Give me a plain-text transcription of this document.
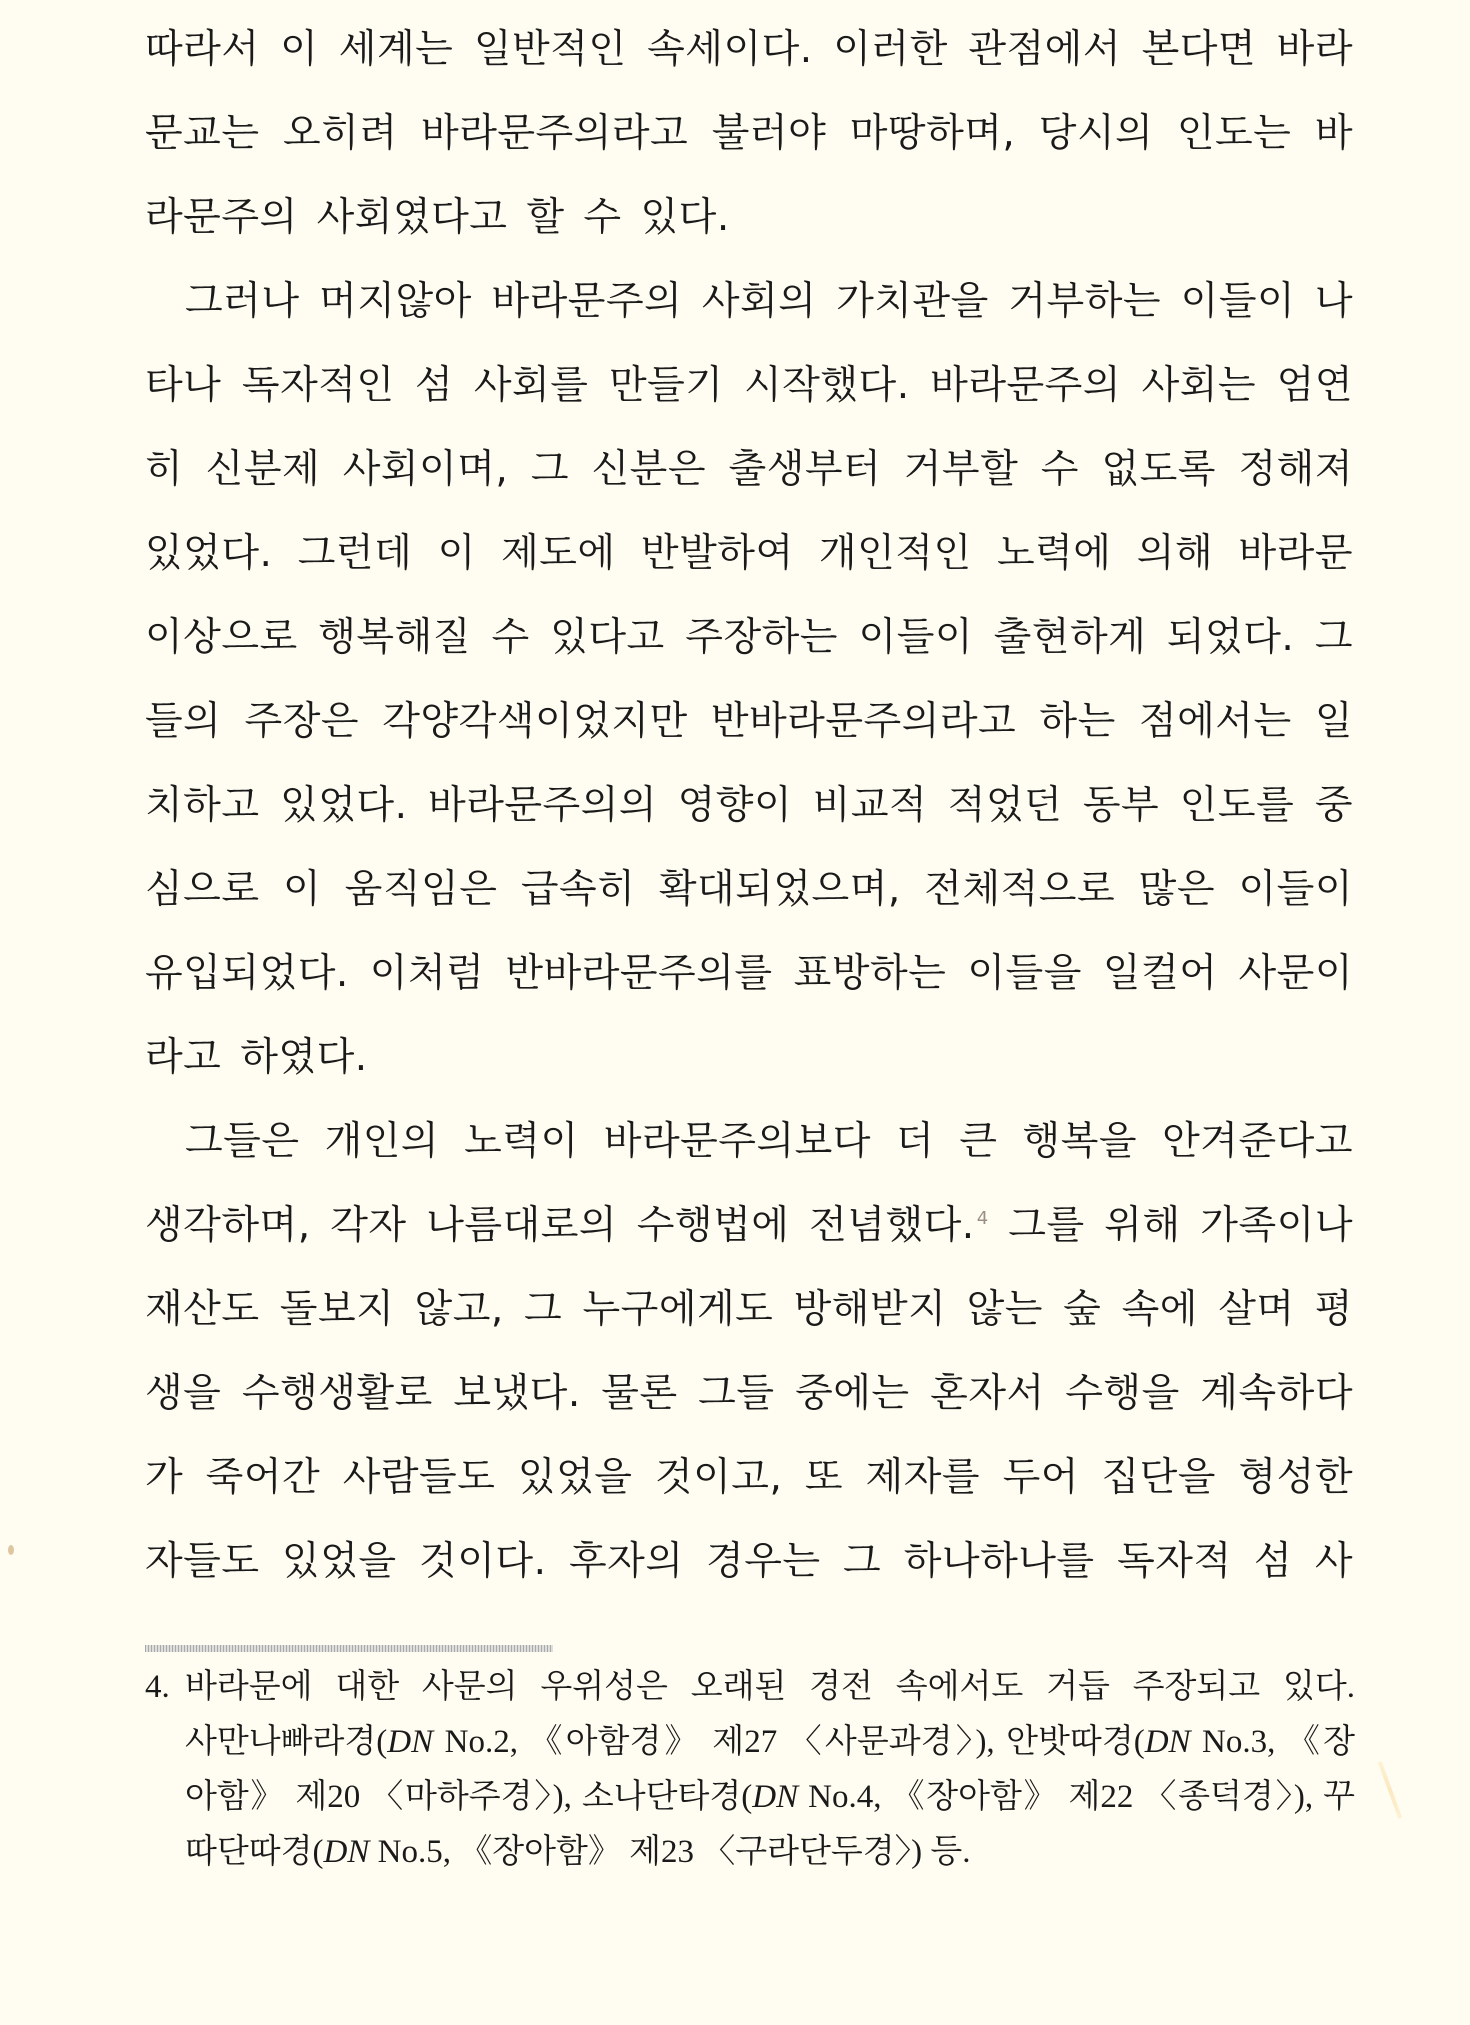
따라서 이 세계는 일반적인 속세이다. 이러한 관점에서 본다면 바라
문교는 오히려 바라문주의라고 불러야 마땅하며, 당시의 인도는 바
라문주의 사회였다고 할 수 있다.
그러나 머지않아 바라문주의 사회의 가치관을 거부하는 이들이 나
타나 독자적인 섬 사회를 만들기 시작했다. 바라문주의 사회는 엄연
히 신분제 사회이며, 그 신분은 출생부터 거부할 수 없도록 정해져
있었다. 그런데 이 제도에 반발하여 개인적인 노력에 의해 바라문
이상으로 행복해질 수 있다고 주장하는 이들이 출현하게 되었다. 그
들의 주장은 각양각색이었지만 반바라문주의라고 하는 점에서는 일
치하고 있었다. 바라문주의의 영향이 비교적 적었던 동부 인도를 중
심으로 이 움직임은 급속히 확대되었으며, 전체적으로 많은 이들이
유입되었다. 이처럼 반바라문주의를 표방하는 이들을 일컬어 사문이
라고 하였다.
그들은 개인의 노력이 바라문주의보다 더 큰 행복을 안겨준다고
생각하며, 각자 나름대로의 수행법에 전념했다. $^4$ 그를 위해 가족이나
재산도 돌보지 않고, 그 누구에게도 방해받지 않는 숲 속에 살며 평
생을 수행생활로 보냈다. 물론 그들 중에는 혼자서 수행을 계속하다
가 죽어간 사람들도 있었을 것이고, 또 제자를 두어 집단을 형성한
자들도 있었을 것이다. 후자의 경우는 그 하나하나를 독자적 섬 사
4. 바라문에 대한 사문의 우위성은 오래된 경전 속에서도 거듭 주장되고 있다.
사만나빠라경(DN No.2, 《아함경》 제27 〈사문과경〉), 안밧따경(DN No.3, 《장
아함》 제20 〈마하주경〉), 소나단타경(DN No.4, 《장아함》 제22 〈종덕경〉), 꾸
따단따경(DN No.5, 《장아함》 제23 〈구라단두경〉) 등.
